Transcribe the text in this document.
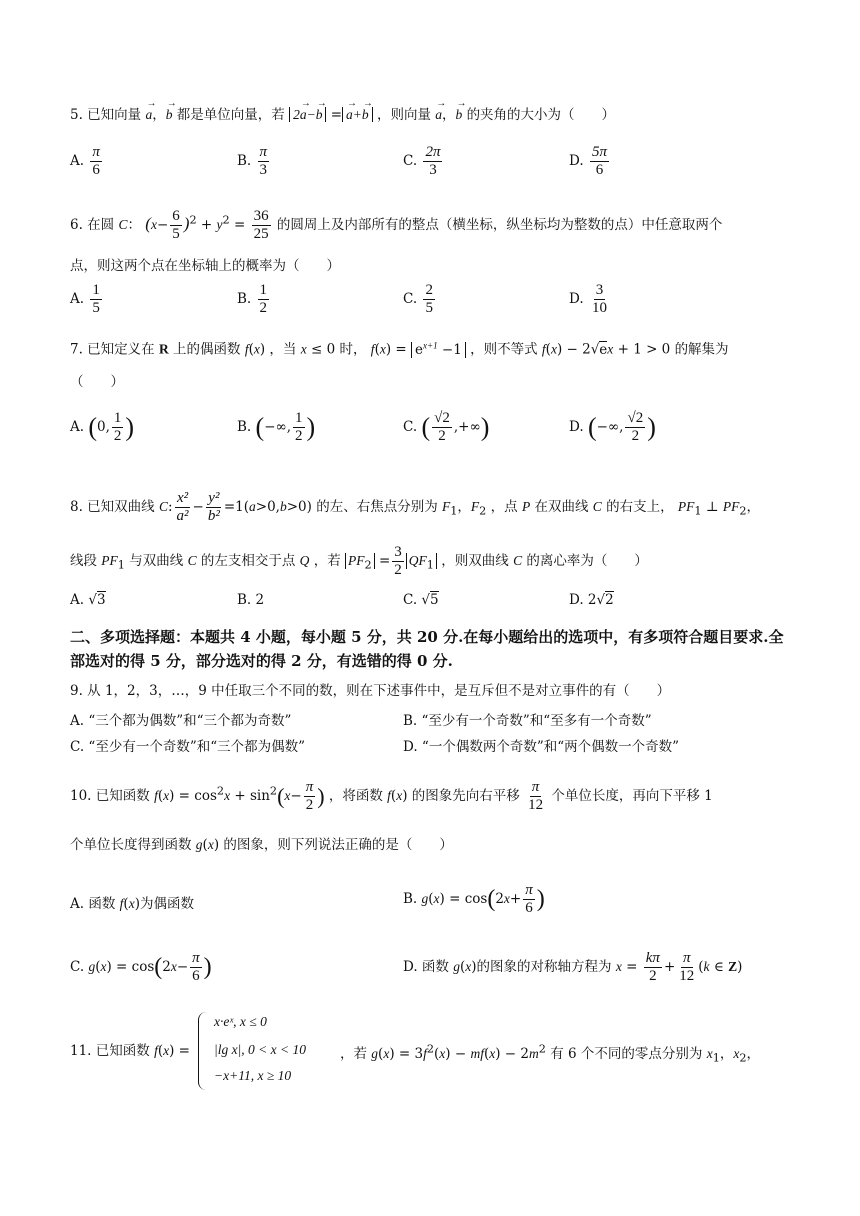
5. 已知向量 → a，→ b 都是单位向量，若 2→ a−→ b = → a+→ b ，则向量 → a，→ b 的夹角的大小为（　　）
A. $\frac{\pi}{6}$	B. $\frac{\pi}{3}$	C. $\frac{2\pi}{3}$	D. $\frac{5\pi}{6}$
6. 在圆 C： $(x- \frac{6}{5} )^2 + y^2 = \frac{36}{25}$ 的圆周上及内部所有的整点（横坐标，纵坐标均为整数的点）中任意取两个
点，则这两个点在坐标轴上的概率为（　　）
A. $\frac{1}{5}$	B. $\frac{1}{2}$	C. $\frac{2}{5}$	D. $\frac{3}{10}$
7. 已知定义在 R 上的偶函数 f(x) ，当 x ≤ 0 时， $f(x) = e^{x+1} -1$ ，则不等式 f(x) − 2√ex + 1 > 0 的解集为
（　　）
A. (0, $\frac{1}{2}$ )	B. (−∞, $\frac{1}{2}$ )	C. ( $\frac{√2}{2}$ ,+∞)	D. (−∞, $\frac{√2}{2}$ )
8. 已知双曲线 C: $\frac{\text{x²}}{\text{a²}} - \frac{\text{y²}}{\text{b²}} =1(a>0,b>0)$ 的左、右焦点分别为 $F_1$，$F_2$ ，点 P 在双曲线 C 的右支上， $PF_1$ ⊥ $PF_2$，
线段 $PF_1$ 与双曲线 C 的左支相交于点 Q ，若 $PF_2 = \frac{3}{2} QF_1$ ，则双曲线 C 的离心率为（　　）
A. √3	B. 2	C. √5	D. 2√2
二、多项选择题：本题共 4 小题，每小题 5 分，共 20 分.在每小题给出的选项中，有多项符合题目要求.全部选对的得 5 分，部分选对的得 2 分，有选错的得 0 分.
9. 从 1，2，3，…，9 中任取三个不同的数，则在下述事件中，是互斥但不是对立事件的有（　　）
A. “三个都为偶数”和“三个都为奇数”	B. “至少有一个奇数”和“至多有一个奇数”
C. “至少有一个奇数”和“三个都为偶数”	D. “一个偶数两个奇数”和“两个偶数一个奇数”
10. 已知函数 $f(x) = \cos^2x + \sin^2(x- \frac{\pi}{2}$ ) ，将函数 f(x) 的图象先向右平移 $\frac{\pi}{12}$ 个单位长度，再向下平移 1
个单位长度得到函数 g(x) 的图象，则下列说法正确的是（　　）
A. 函数 f(x)为偶函数	B. $g(x) = \cos(2x+ \frac{\pi}{6}$ )
C. $g(x) = \cos(2x- \frac{\pi}{6}$ )	D. 函数 g(x)的图象的对称轴方程为 $x = \frac{k\pi}{2} + \frac{\pi}{12} (k$ ∈ Z)
11. 已知函数 f(x) =
x·eˣ, x ≤ 0
|lg x|, 0 < x < 10
−x+11, x ≥ 10
，若 $g(x) = 3f^2(x) - mf(x) - 2m^2$ 有 6 个不同的零点分别为 $x_1$，$x_2$，
